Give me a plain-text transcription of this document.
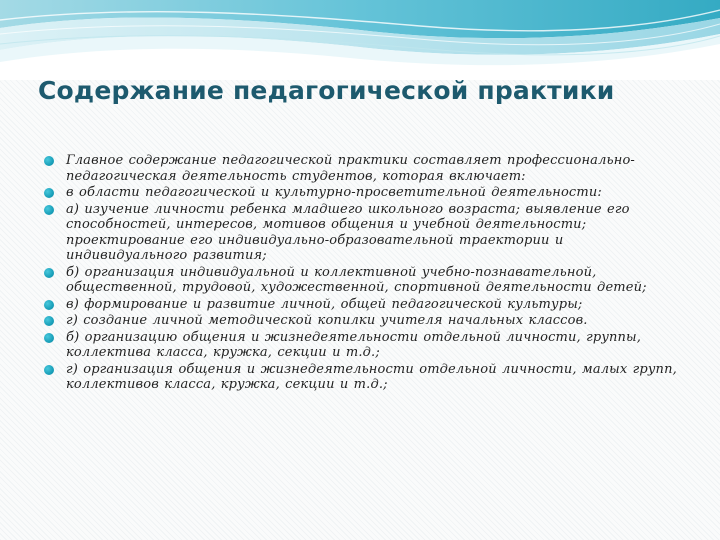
Содержание педагогической практики
Главное содержание педагогической практики составляет профессионально- педагогическая деятельность студентов, которая включает:
в области педагогической и культурно-просветительной деятельности:
а) изучение личности ребенка младшего школьного возраста; выявление его способностей, интересов, мотивов общения и учебной деятельности; проектирование его индивидуально-образовательной траектории и индивидуального развития;
б) организация индивидуальной и коллективной учебно-познавательной, общественной, трудовой, художественной, спортивной деятельности детей;
в) формирование и развитие личной, общей педагогической культуры;
г) создание личной методической копилки учителя начальных классов.
б) организацию общения и жизнедеятельности отдельной личности, группы, коллектива класса, кружка, секции и т.д.;
г) организация общения и жизнедеятельности отдельной личности, малых групп, коллективов класса, кружка, секции и т.д.;
